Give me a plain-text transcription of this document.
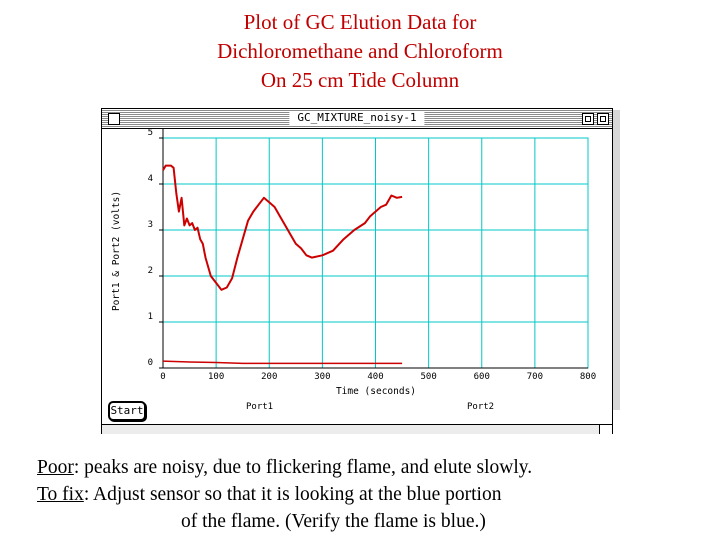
Plot of GC Elution Data for
Dichloromethane and Chloroform
On 25 cm Tide Column
GC_MIXTURE_noisy-1
0	100	200	300	400	500	600	700	800
0
1
2
3
4
5
Port1 & Port2 (volts)
Time (seconds)
Start	Port1	Port2
Poor: peaks are noisy, due to flickering flame, and elute slowly.
To fix: Adjust sensor so that it is looking at the blue portion
of the flame. (Verify the flame is blue.)
